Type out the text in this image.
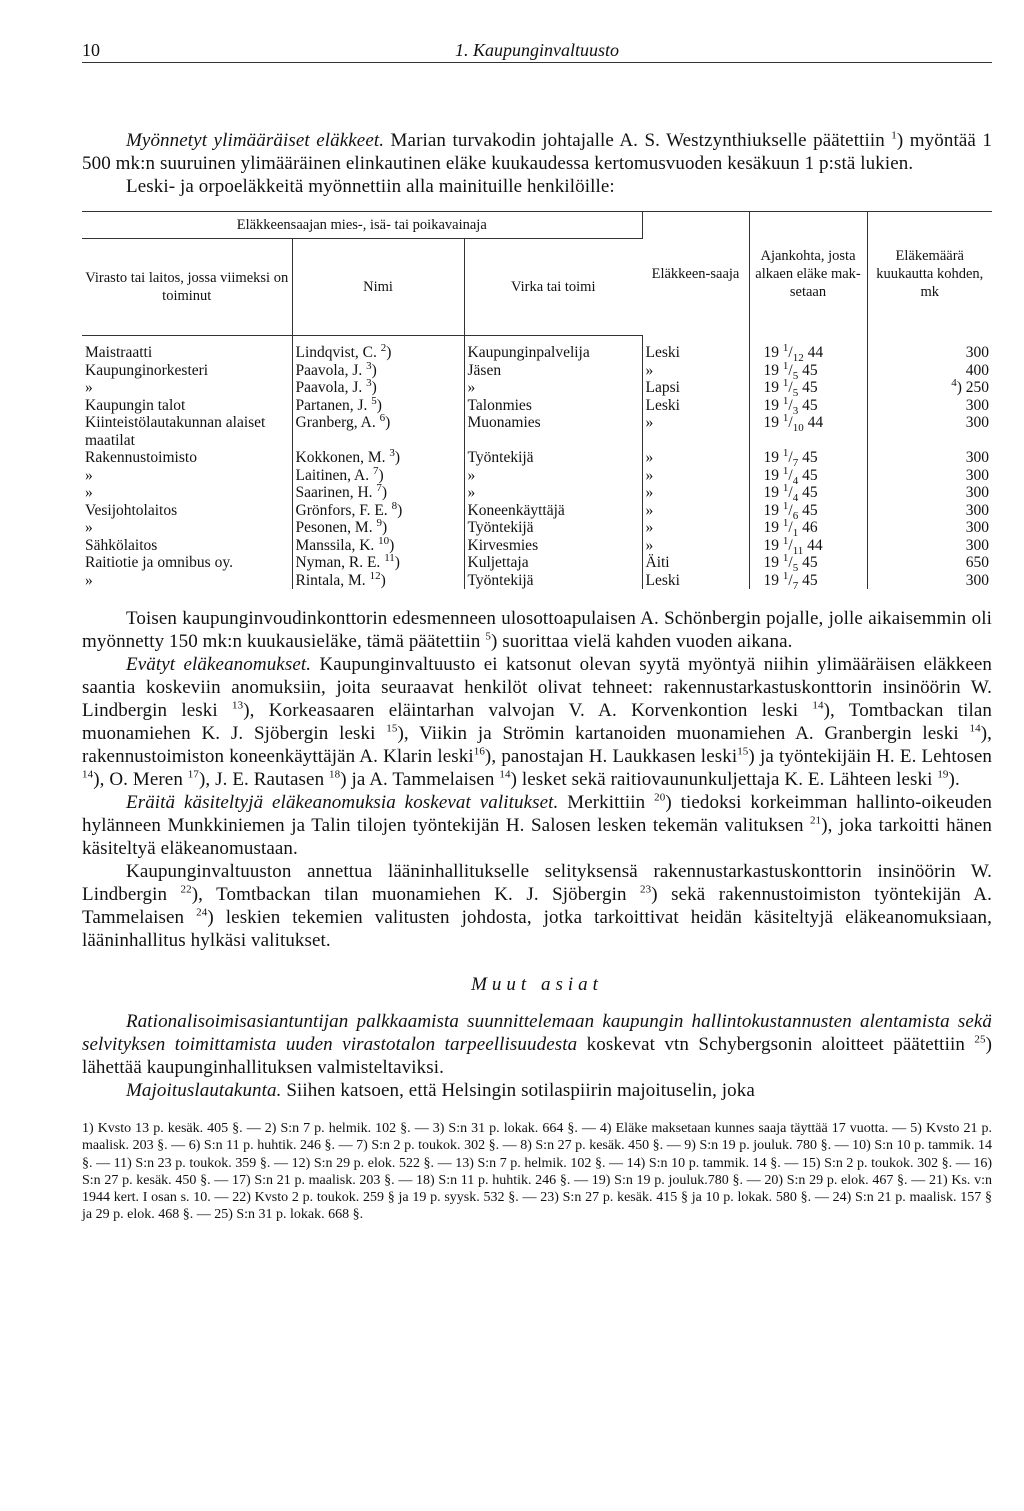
10	1. Kaupunginvaltuusto

Myönnetyt ylimääräiset eläkkeet. Marian turvakodin johtajalle A. S. Westzynthiukselle päätettiin $^1$) myöntää 1 500 mk:n suuruinen ylimääräinen elinkautinen eläke kuukaudessa kertomusvuoden kesäkuun 1 p:stä lukien.

Leski- ja orpoeläkkeitä myönnettiin alla mainituille henkilöille:

Eläkkeensaajan mies-, isä- tai poikavainaja			Eläkkeen-saaja	Ajankohta, josta alkaen eläke mak-setaan	Eläkemäärä kuukautta kohden, mk
Virasto tai laitos, jossa viimeksi on toiminut	Nimi	Virka tai toimi			
Maistraatti	Lindqvist, C. $^2$)	Kaupunginpalvelija	Leski	19 $^1/_{12}$ 44	300
Kaupunginorkesteri	Paavola, J. $^3$)	Jäsen	»	19 $^1/_5$ 45	400
»	Paavola, J. $^3$)	»	Lapsi	19 $^1/_5$ 45	$^4$) 250
Kaupungin talot	Partanen, J. $^5$)	Talonmies	Leski	19 $^1/_3$ 45	300
Kiinteistölautakunnan alaiset maatilat	Granberg, A. $^6$)	Muonamies	»	19 $^1/_{10}$ 44	300
Rakennustoimisto	Kokkonen, M. $^3$)	Työntekijä	»	19 $^1/_7$ 45	300
»	Laitinen, A. $^7$)	»	»	19 $^1/_4$ 45	300
»	Saarinen, H. $^7$)	»	»	19 $^1/_4$ 45	300
Vesijohtolaitos	Grönfors, F. E. $^8$)	Koneenkäyttäjä	»	19 $^1/_6$ 45	300
»	Pesonen, M. $^9$)	Työntekijä	»	19 $^1/_1$ 46	300
Sähkölaitos	Manssila, K. $^{10}$)	Kirvesmies	»	19 $^1/_{11}$ 44	300
Raitiotie ja omnibus oy.	Nyman, R. E. $^{11}$)	Kuljettaja	Äiti	19 $^1/_5$ 45	650
»	Rintala, M. $^{12}$)	Työntekijä	Leski	19 $^1/_7$ 45	300

Toisen kaupunginvoudinkonttorin edesmenneen ulosottoapulaisen A. Schönbergin pojalle, jolle aikaisemmin oli myönnetty 150 mk:n kuukausieläke, tämä päätettiin $^5$) suorittaa vielä kahden vuoden aikana.

Evätyt eläkeanomukset. Kaupunginvaltuusto ei katsonut olevan syytä myöntyä niihin ylimääräisen eläkkeen saantia koskeviin anomuksiin, joita seuraavat henkilöt olivat tehneet: rakennustarkastuskonttorin insinöörin W. Lindbergin leski $^{13}$), Korkeasaaren eläintarhan valvojan V. A. Korvenkontion leski $^{14}$), Tomtbackan tilan muonamiehen K. J. Sjöbergin leski $^{15}$), Viikin ja Strömin kartanoiden muonamiehen A. Granbergin leski $^{14}$), rakennustoimiston koneenkäyttäjän A. Klarin leski$^{16}$), panostajan H. Laukkasen leski$^{15}$) ja työntekijäin H. E. Lehtosen $^{14}$), O. Meren $^{17}$), J. E. Rautasen $^{18}$) ja A. Tammelaisen $^{14}$) lesket sekä raitiovaununkuljettaja K. E. Lähteen leski $^{19}$).

Eräitä käsiteltyjä eläkeanomuksia koskevat valitukset. Merkittiin $^{20}$) tiedoksi korkeimman hallinto-oikeuden hylänneen Munkkiniemen ja Talin tilojen työntekijän H. Salosen lesken tekemän valituksen $^{21}$), joka tarkoitti hänen käsiteltyä eläkeanomustaan.

Kaupunginvaltuuston annettua lääninhallitukselle selityksensä rakennustarkastuskonttorin insinöörin W. Lindbergin $^{22}$), Tomtbackan tilan muonamiehen K. J. Sjöbergin $^{23}$) sekä rakennustoimiston työntekijän A. Tammelaisen $^{24}$) leskien tekemien valitusten johdosta, jotka tarkoittivat heidän käsiteltyjä eläkeanomuksiaan, lääninhallitus hylkäsi valitukset.

Muut asiat

Rationalisoimisasiantuntijan palkkaamista suunnittelemaan kaupungin hallintokustannusten alentamista sekä selvityksen toimittamista uuden virastotalon tarpeellisuudesta koskevat vtn Schybergsonin aloitteet päätettiin $^{25}$) lähettää kaupunginhallituksen valmisteltaviksi.

Majoituslautakunta. Siihen katsoen, että Helsingin sotilaspiirin majoituselin, joka

1) Kvsto 13 p. kesäk. 405 §. — 2) S:n 7 p. helmik. 102 §. — 3) S:n 31 p. lokak. 664 §. — 4) Eläke maksetaan kunnes saaja täyttää 17 vuotta. — 5) Kvsto 21 p. maalisk. 203 §. — 6) S:n 11 p. huhtik. 246 §. — 7) S:n 2 p. toukok. 302 §. — 8) S:n 27 p. kesäk. 450 §. — 9) S:n 19 p. jouluk. 780 §. — 10) S:n 10 p. tammik. 14 §. — 11) S:n 23 p. toukok. 359 §. — 12) S:n 29 p. elok. 522 §. — 13) S:n 7 p. helmik. 102 §. — 14) S:n 10 p. tammik. 14 §. — 15) S:n 2 p. toukok. 302 §. — 16) S:n 27 p. kesäk. 450 §. — 17) S:n 21 p. maalisk. 203 §. — 18) S:n 11 p. huhtik. 246 §. — 19) S:n 19 p. jouluk.780 §. — 20) S:n 29 p. elok. 467 §. — 21) Ks. v:n 1944 kert. I osan s. 10. — 22) Kvsto 2 p. toukok. 259 § ja 19 p. syysk. 532 §. — 23) S:n 27 p. kesäk. 415 § ja 10 p. lokak. 580 §. — 24) S:n 21 p. maalisk. 157 § ja 29 p. elok. 468 §. — 25) S:n 31 p. lokak. 668 §.
